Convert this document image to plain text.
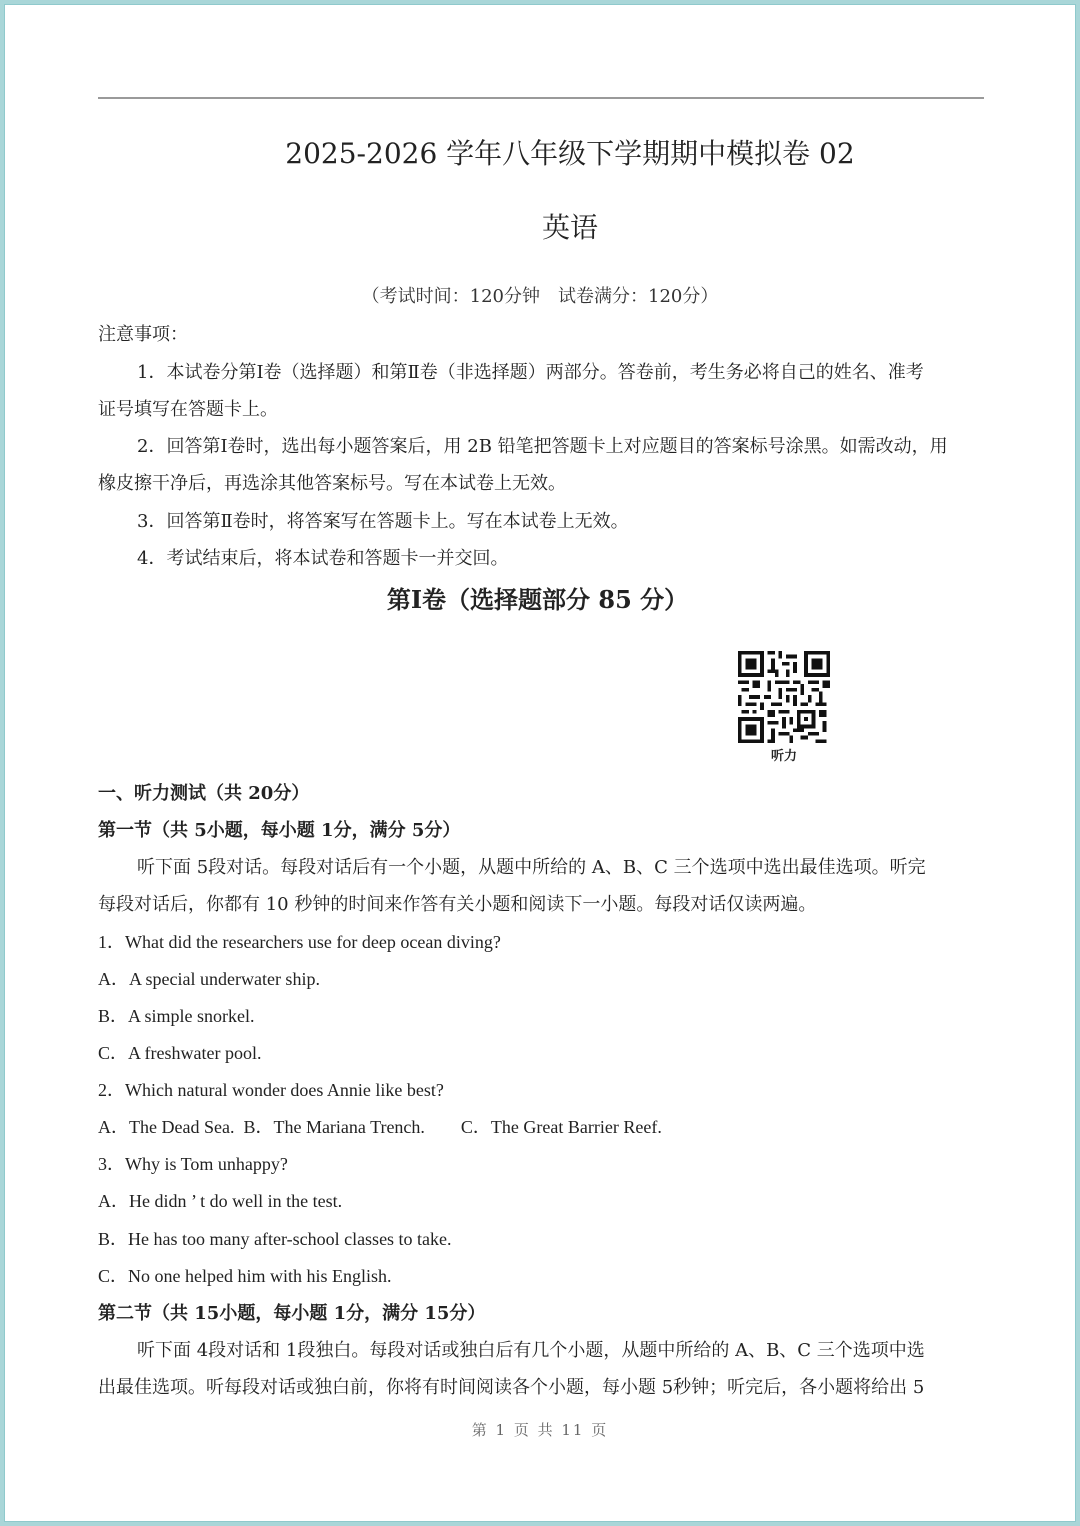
2025-2026 学年八年级下学期期中模拟卷 02
英语
（考试时间：120分钟　试卷满分：120分）
注意事项：
1．本试卷分第Ⅰ卷（选择题）和第Ⅱ卷（非选择题）两部分。答卷前，考生务必将自己的姓名、准考
证号填写在答题卡上。
2．回答第Ⅰ卷时，选出每小题答案后，用 2B 铅笔把答题卡上对应题目的答案标号涂黑。如需改动，用
橡皮擦干净后，再选涂其他答案标号。写在本试卷上无效。
3．回答第Ⅱ卷时，将答案写在答题卡上。写在本试卷上无效。
4．考试结束后，将本试卷和答题卡一并交回。
第Ⅰ卷（选择题部分 85 分）
听力
一、听力测试（共 20分）
第一节（共 5小题，每小题 1分，满分 5分）
听下面 5段对话。每段对话后有一个小题，从题中所给的 A、B、C 三个选项中选出最佳选项。听完
每段对话后，你都有 10 秒钟的时间来作答有关小题和阅读下一小题。每段对话仅读两遍。
1．What did the researchers use for deep ocean diving?
A．A special underwater ship.
B．A simple snorkel.
C．A freshwater pool.
2．Which natural wonder does Annie like best?
A．The Dead Sea.  B．The Mariana Trench.        C．The Great Barrier Reef.
3．Why is Tom unhappy?
A．He didn ’ t do well in the test.
B．He has too many after-school classes to take.
C．No one helped him with his English.
第二节（共 15小题，每小题 1分，满分 15分）
听下面 4段对话和 1段独白。每段对话或独白后有几个小题，从题中所给的 A、B、C 三个选项中选
出最佳选项。听每段对话或独白前，你将有时间阅读各个小题，每小题 5秒钟；听完后，各小题将给出 5
第 1 页 共 11 页
